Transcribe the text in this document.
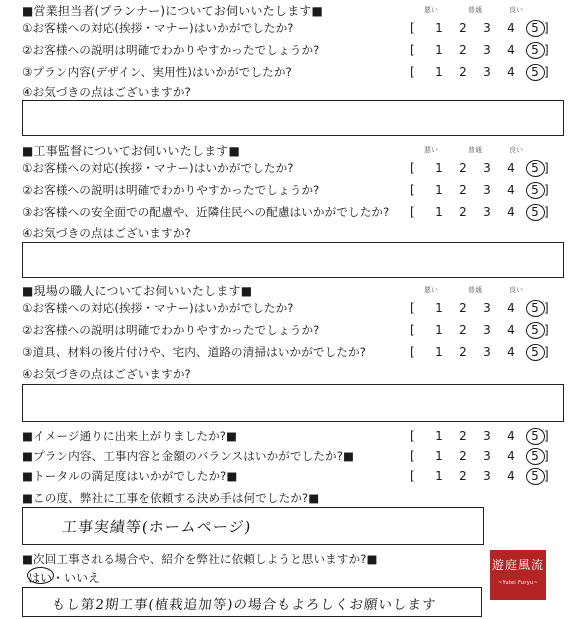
■営業担当者(プランナー)についてお伺いいたします■	悪い	普通	良い
①お客様への対応(挨拶・マナー)はいかがでしたか?	[ 1 2 3 4 5 ]
②お客様への説明は明確でわかりやすかったでしょうか?	[ 1 2 3 4 5 ]
③プラン内容(デザイン、実用性)はいかがでしたか?	[ 1 2 3 4 5 ]
④お気づきの点はございますか?
■工事監督についてお伺いいたします■	悪い	普通	良い
①お客様への対応(挨拶・マナー)はいかがでしたか?	[ 1 2 3 4 5 ]
②お客様への説明は明確でわかりやすかったでしょうか?	[ 1 2 3 4 5 ]
③お客様への安全面での配慮や、近隣住民への配慮はいかがでしたか? [ 1 2 3 4 5 ]
④お気づきの点はございますか?
■現場の職人についてお伺いいたします■	悪い	普通	良い
①お客様への対応(挨拶・マナー)はいかがでしたか?	[ 1 2 3 4 5 ]
②お客様への説明は明確でわかりやすかったでしょうか?	[ 1 2 3 4 5 ]
③道具、材料の後片付けや、宅内、道路の清掃はいかがでしたか?	[ 1 2 3 4 5 ]
④お気づきの点はございますか?
■イメージ通りに出来上がりましたか?■	[ 1 2 3 4 5 ]
■プラン内容、工事内容と金額のバランスはいかがでしたか?■	[ 1 2 3 4 5 ]
■トータルの満足度はいかがでしたか?■	[ 1 2 3 4 5 ]
■この度、弊社に工事を依頼する決め手は何でしたか?■
工事実績等(ホームページ)
■次回工事される場合や、紹介を弊社に依頼しようと思いますか?■
はい・いいえ
もし第2期工事(植栽追加等)の場合もよろしくお願いします
遊庭風流
~Yutei Furyu~
